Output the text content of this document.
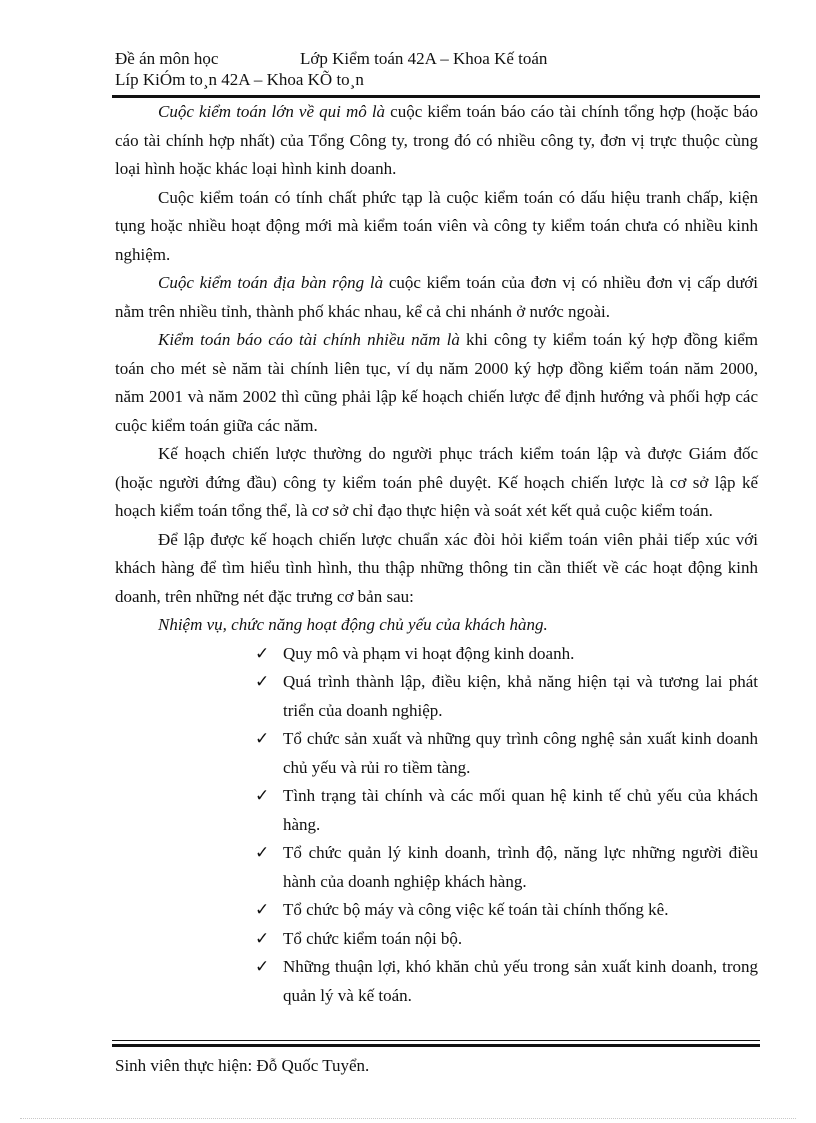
Đề án môn học	Lớp Kiểm toán 42A – Khoa Kế toán
Líp KiÓm to¸n 42A – Khoa KÕ to¸n

Cuộc kiểm toán lớn về qui mô là cuộc kiểm toán báo cáo tài chính tổng hợp (hoặc báo cáo tài chính hợp nhất) của Tổng Công ty, trong đó có nhiều công ty, đơn vị trực thuộc cùng loại hình hoặc khác loại hình kinh doanh.

Cuộc kiểm toán có tính chất phức tạp là cuộc kiểm toán có dấu hiệu tranh chấp, kiện tụng hoặc nhiều hoạt động mới mà kiểm toán viên và công ty kiểm toán chưa có nhiều kinh nghiệm.

Cuộc kiểm toán địa bàn rộng là cuộc kiểm toán của đơn vị có nhiều đơn vị cấp dưới nằm trên nhiều tỉnh, thành phố khác nhau, kể cả chi nhánh ở nước ngoài.

Kiểm toán báo cáo tài chính nhiều năm là khi công ty kiểm toán ký hợp đồng kiểm toán cho mét sè năm tài chính liên tục, ví dụ năm 2000 ký hợp đồng kiểm toán năm 2000, năm 2001 và năm 2002 thì cũng phải lập kế hoạch chiến lược để định hướng và phối hợp các cuộc kiểm toán giữa các năm.

Kế hoạch chiến lược thường do người phục trách kiểm toán lập và được Giám đốc (hoặc người đứng đầu) công ty kiểm toán phê duyệt. Kế hoạch chiến lược là cơ sở lập kế hoạch kiểm toán tổng thể, là cơ sở chỉ đạo thực hiện và soát xét kết quả cuộc kiểm toán.

Để lập được kế hoạch chiến lược chuẩn xác đòi hỏi kiểm toán viên phải tiếp xúc với khách hàng để tìm hiểu tình hình, thu thập những thông tin cần thiết về các hoạt động kinh doanh, trên những nét đặc trưng cơ bản sau:

Nhiệm vụ, chức năng hoạt động chủ yếu của khách hàng.
✓ Quy mô và phạm vi hoạt động kinh doanh.
✓ Quá trình thành lập, điều kiện, khả năng hiện tại và tương lai phát triển của doanh nghiệp.
✓ Tổ chức sản xuất và những quy trình công nghệ sản xuất kinh doanh chủ yếu và rủi ro tiềm tàng.
✓ Tình trạng tài chính và các mối quan hệ kinh tế chủ yếu của khách hàng.
✓ Tổ chức quản lý kinh doanh, trình độ, năng lực những người điều hành của doanh nghiệp khách hàng.
✓ Tổ chức bộ máy và công việc kế toán tài chính thống kê.
✓ Tổ chức kiểm toán nội bộ.
✓ Những thuận lợi, khó khăn chủ yếu trong sản xuất kinh doanh, trong quản lý và kế toán.
Sinh viên thực hiện: Đỗ Quốc Tuyển.
